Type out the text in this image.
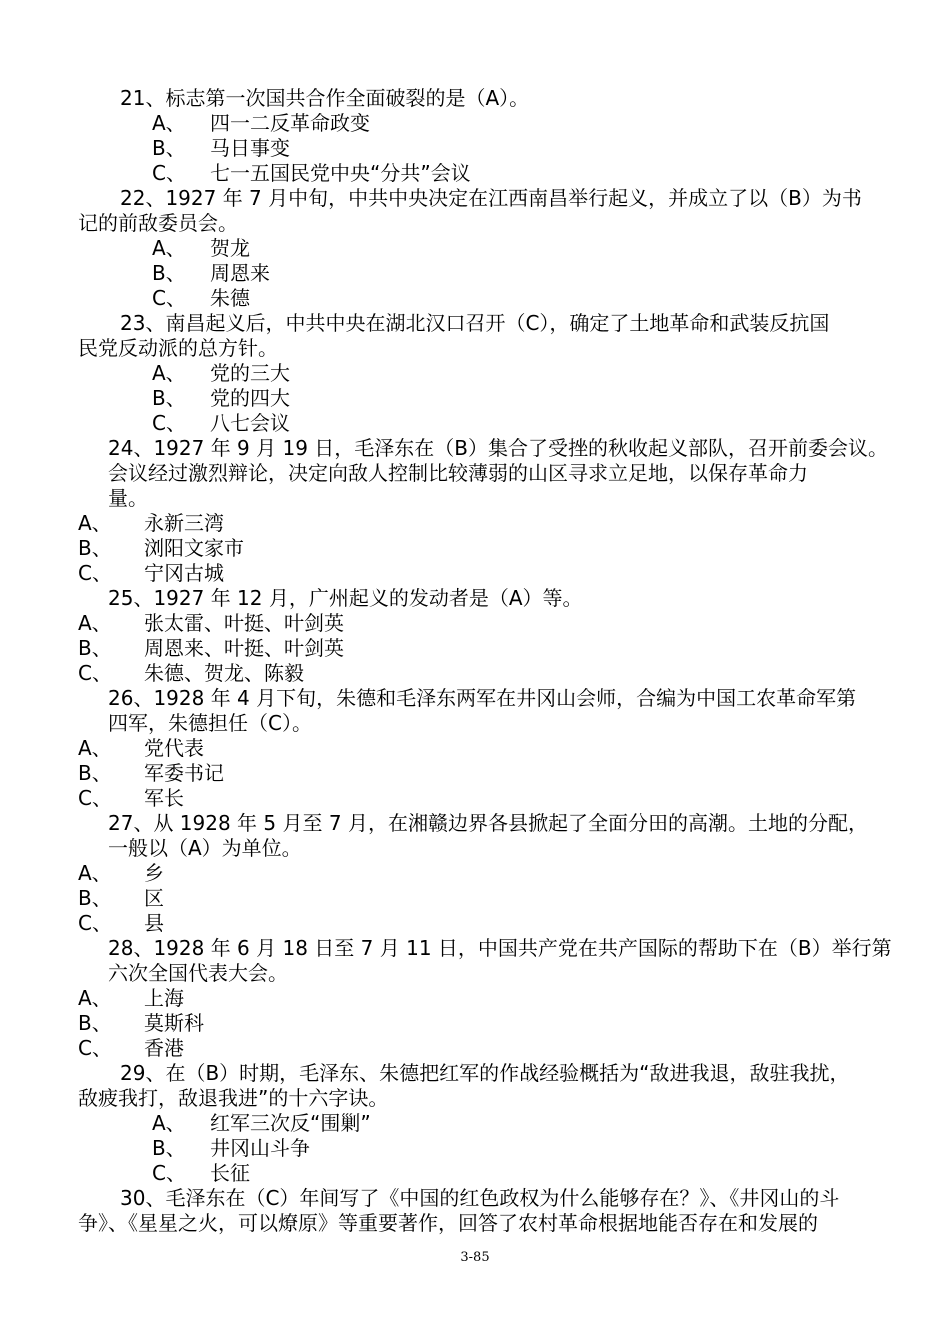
21、标志第一次国共合作全面破裂的是（A）。
A、 四一二反革命政变
B、 马日事变
C、 七一五国民党中央“分共”会议
22、1927 年 7 月中旬，中共中央决定在江西南昌举行起义，并成立了以（B）为书
记的前敌委员会。
A、 贺龙
B、 周恩来
C、 朱德
23、南昌起义后，中共中央在湖北汉口召开（C），确定了土地革命和武装反抗国
民党反动派的总方针。
A、 党的三大
B、 党的四大
C、 八七会议
24、1927 年 9 月 19 日，毛泽东在（B）集合了受挫的秋收起义部队，召开前委会议。
会议经过激烈辩论，决定向敌人控制比较薄弱的山区寻求立足地，以保存革命力
量。
A、 永新三湾
B、 浏阳文家市
C、 宁冈古城
25、1927 年 12 月，广州起义的发动者是（A）等。
A、 张太雷、叶挺、叶剑英
B、 周恩来、叶挺、叶剑英
C、 朱德、贺龙、陈毅
26、1928 年 4 月下旬，朱德和毛泽东两军在井冈山会师，合编为中国工农革命军第
四军，朱德担任（C）。
A、 党代表
B、 军委书记
C、 军长
27、从 1928 年 5 月至 7 月，在湘赣边界各县掀起了全面分田的高潮。土地的分配，
一般以（A）为单位。
A、 乡
B、 区
C、 县
28、1928 年 6 月 18 日至 7 月 11 日，中国共产党在共产国际的帮助下在（B）举行第
六次全国代表大会。
A、 上海
B、 莫斯科
C、 香港
29、在（B）时期，毛泽东、朱德把红军的作战经验概括为“敌进我退，敌驻我扰，
敌疲我打，敌退我进”的十六字诀。
A、 红军三次反“围剿”
B、 井冈山斗争
C、 长征
30、毛泽东在（C）年间写了《中国的红色政权为什么能够存在？》、《井冈山的斗
争》、《星星之火，可以燎原》等重要著作，回答了农村革命根据地能否存在和发展的
3-85
